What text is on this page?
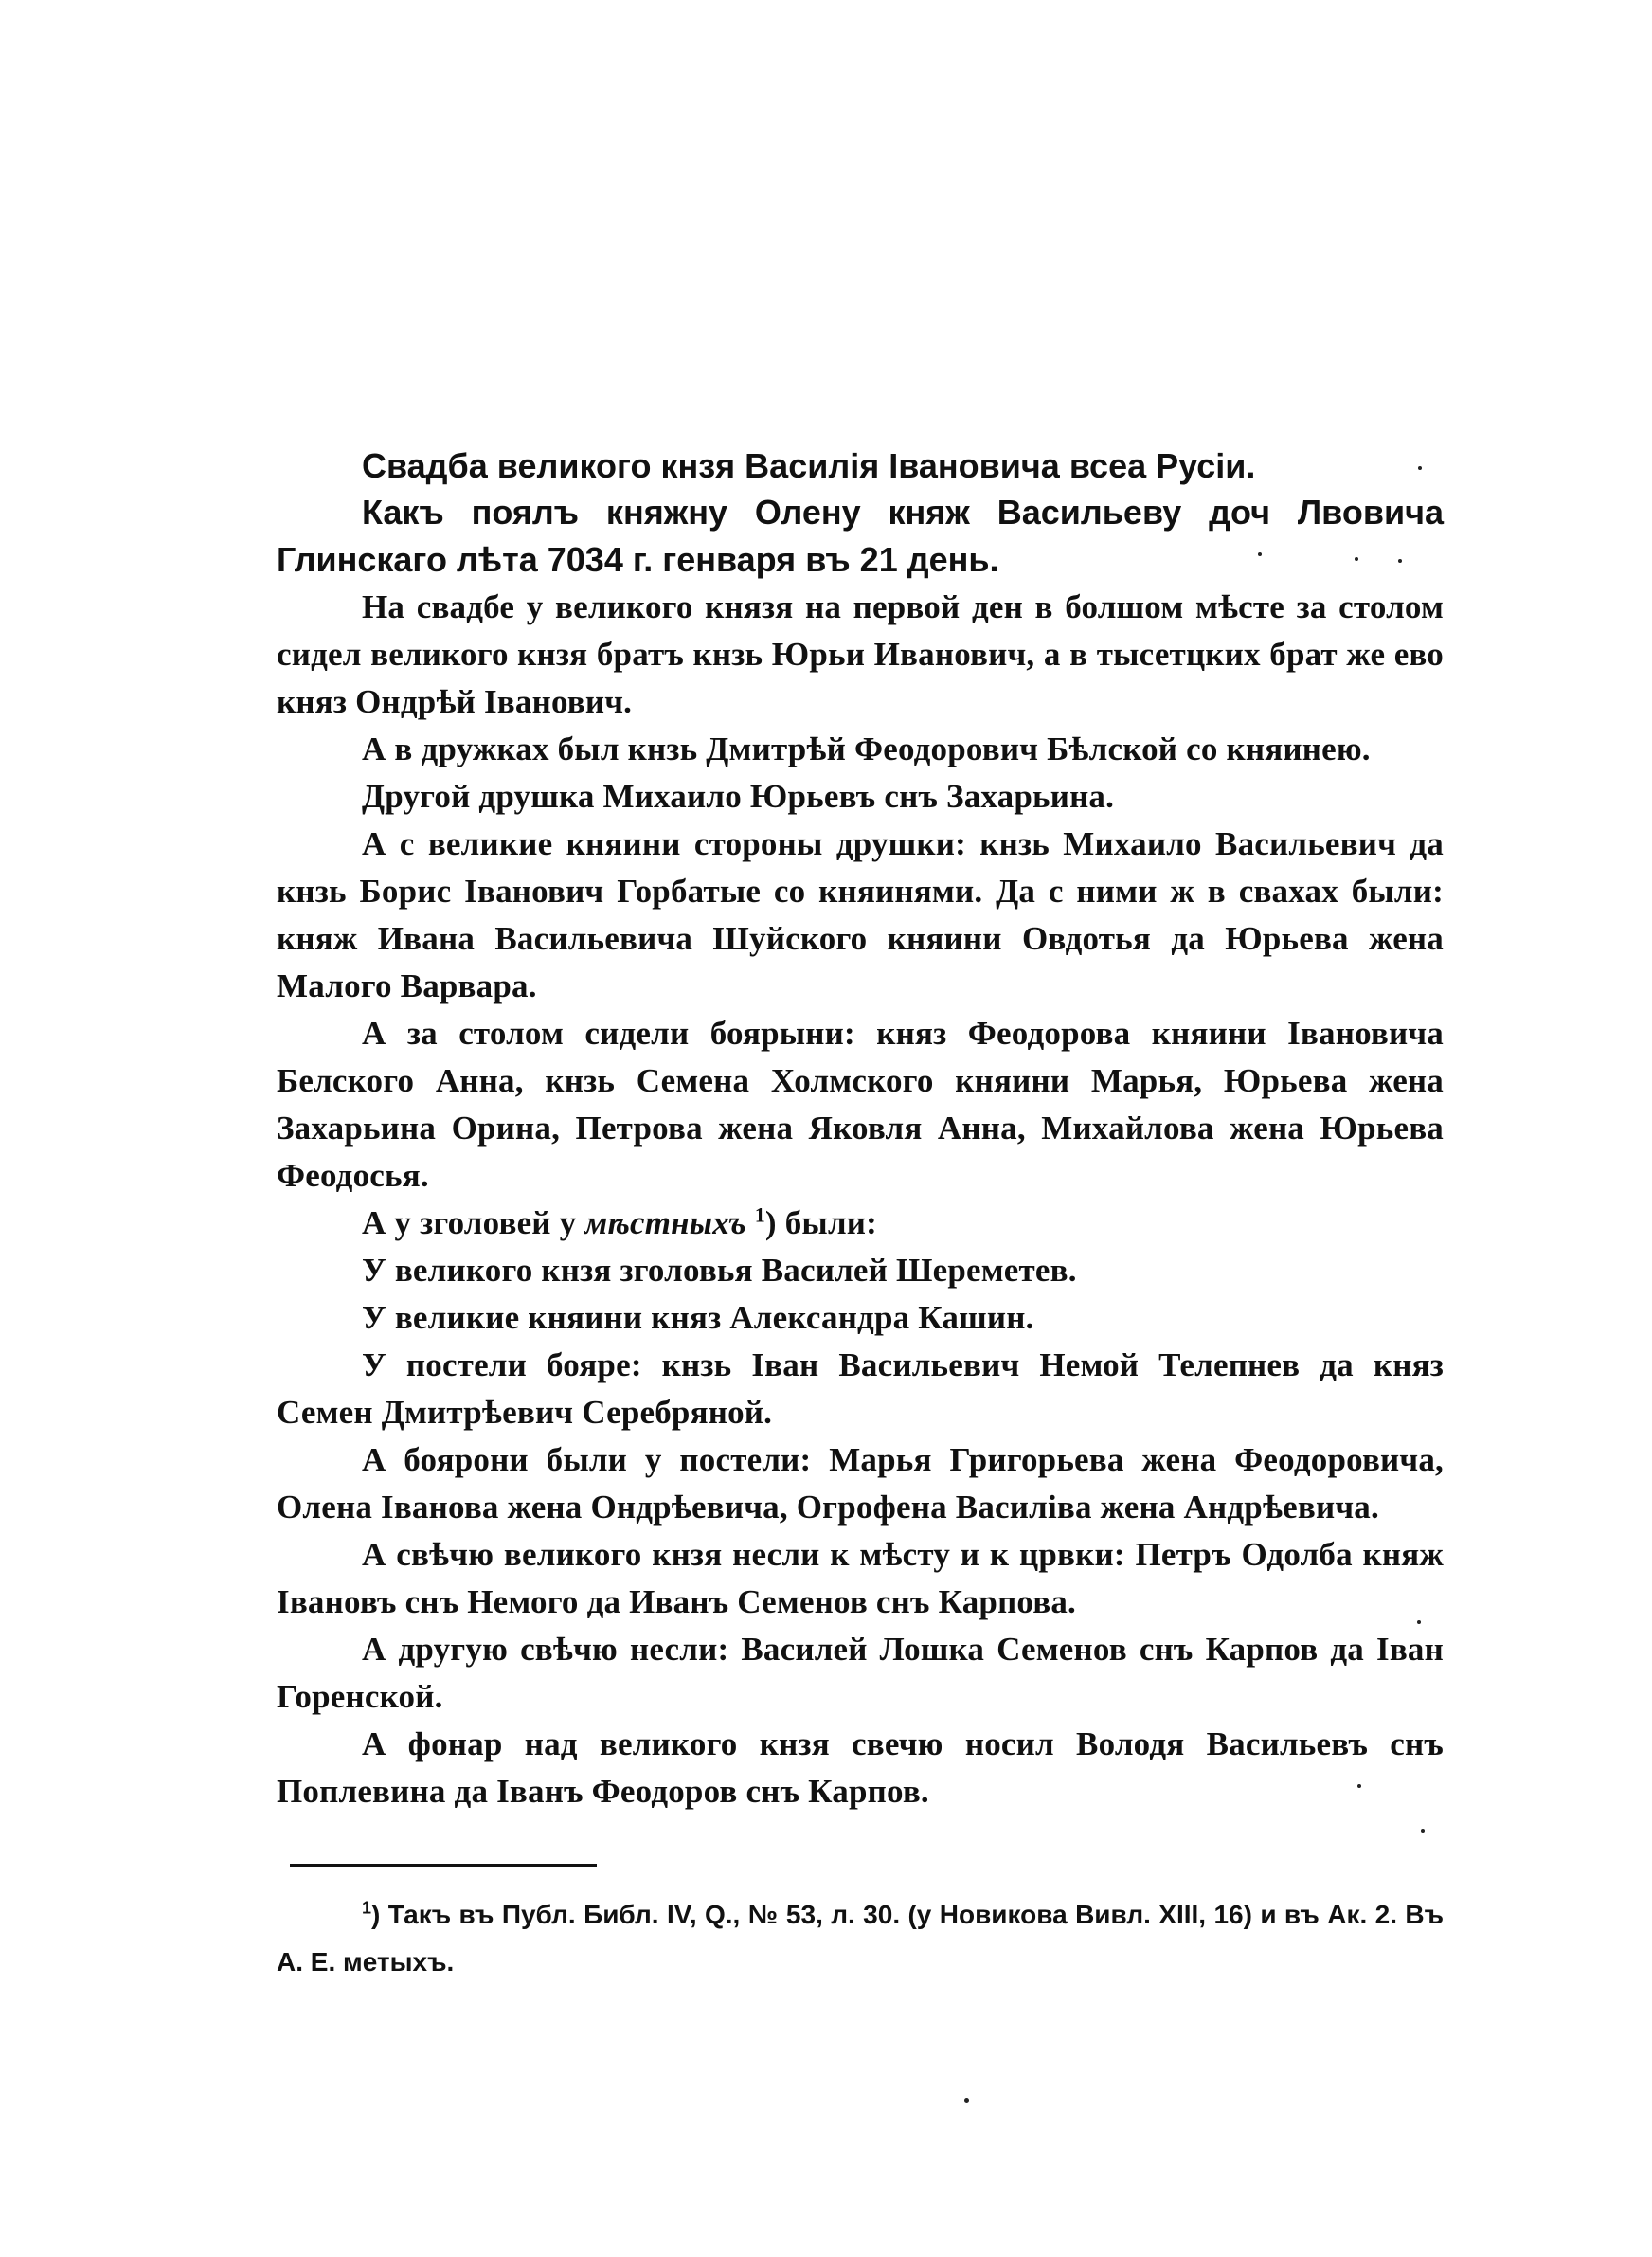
Свадба великого кнзя Василія Івановича всеа Русіи.

Какъ поялъ княжну Олену княж Васильеву доч Лвовича Глинскаго лѣта 7034 г. генваря въ 21 день.

На свадбе у великого князя на первой ден в болшом мѣсте за столом сидел великого кнзя братъ кнзь Юрьи Иванович, а в тысетцких брат же ево княз Ондрѣй Іванович.

А в дружках был кнзь Дмитрѣй Феодорович Бѣлской со княинею.

Другой друшка Михаило Юрьевъ снъ Захарьина.

А с великие княини стороны друшки: кнзь Михаило Васильевич да кнзь Борис Іванович Горбатые со княинями. Да с ними ж в свахах были: княж Ивана Васильевича Шуйского княини Овдотья да Юрьева жена Малого Варвара.

А за столом сидели боярыни: княз Феодорова княини Івановича Белского Анна, кнзь Семена Холмского княини Марья, Юрьева жена Захарьина Орина, Петрова жена Яковля Анна, Михайлова жена Юрьева Феодосья.

А у зголовей у мѣстныхъ $^1$) были:

У великого кнзя зголовья Василей Шереметев.

У великие княини княз Александра Кашин.

У постели бояре: кнзь Іван Васильевич Немой Телепнев да княз Семен Дмитрѣевич Серебряной.

А боярони были у постели: Марья Григорьева жена Феодоровича, Олена Іванова жена Ондрѣевича, Огрофена Василіва жена Андрѣевича.

А свѣчю великого кнзя несли к мѣсту и к црвки: Петръ Одолба княж Івановъ снъ Немого да Иванъ Семенов снъ Карпова.

А другую свѣчю несли: Василей Лошка Семенов снъ Карпов да Іван Горенской.

А фонар над великого кнзя свечю носил Володя Васильевъ снъ Поплевина да Іванъ Феодоров снъ Карпов.

$^1$) Такъ въ Публ. Библ. IV, Q., № 53, л. 30. (у Новикова Вивл. XIII, 16) и въ Ак. 2. Въ А. Е. метыхъ.
